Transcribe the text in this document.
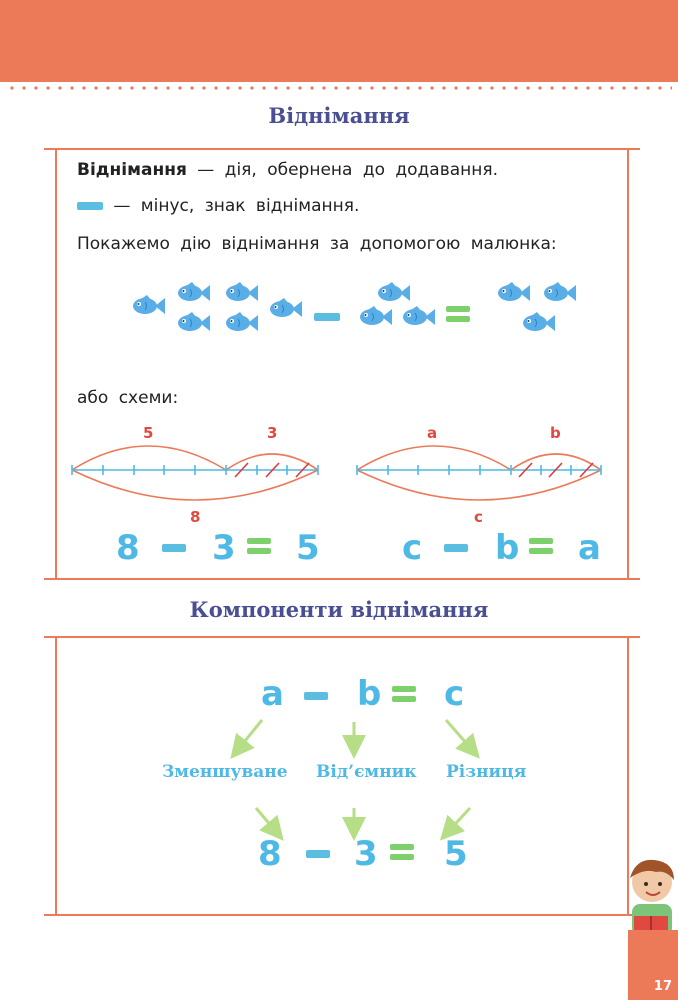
Віднімання
Віднімання — дія, обернена до додавання.
— мінус, знак віднімання.
Покажемо дію віднімання за допомогою малюнка:
або схеми:
5	3
8
a	b
c
8 3 5 c b a
Компоненти віднімання
a b c
Зменшуване Від’ємник Різниця
8 3 5
17
